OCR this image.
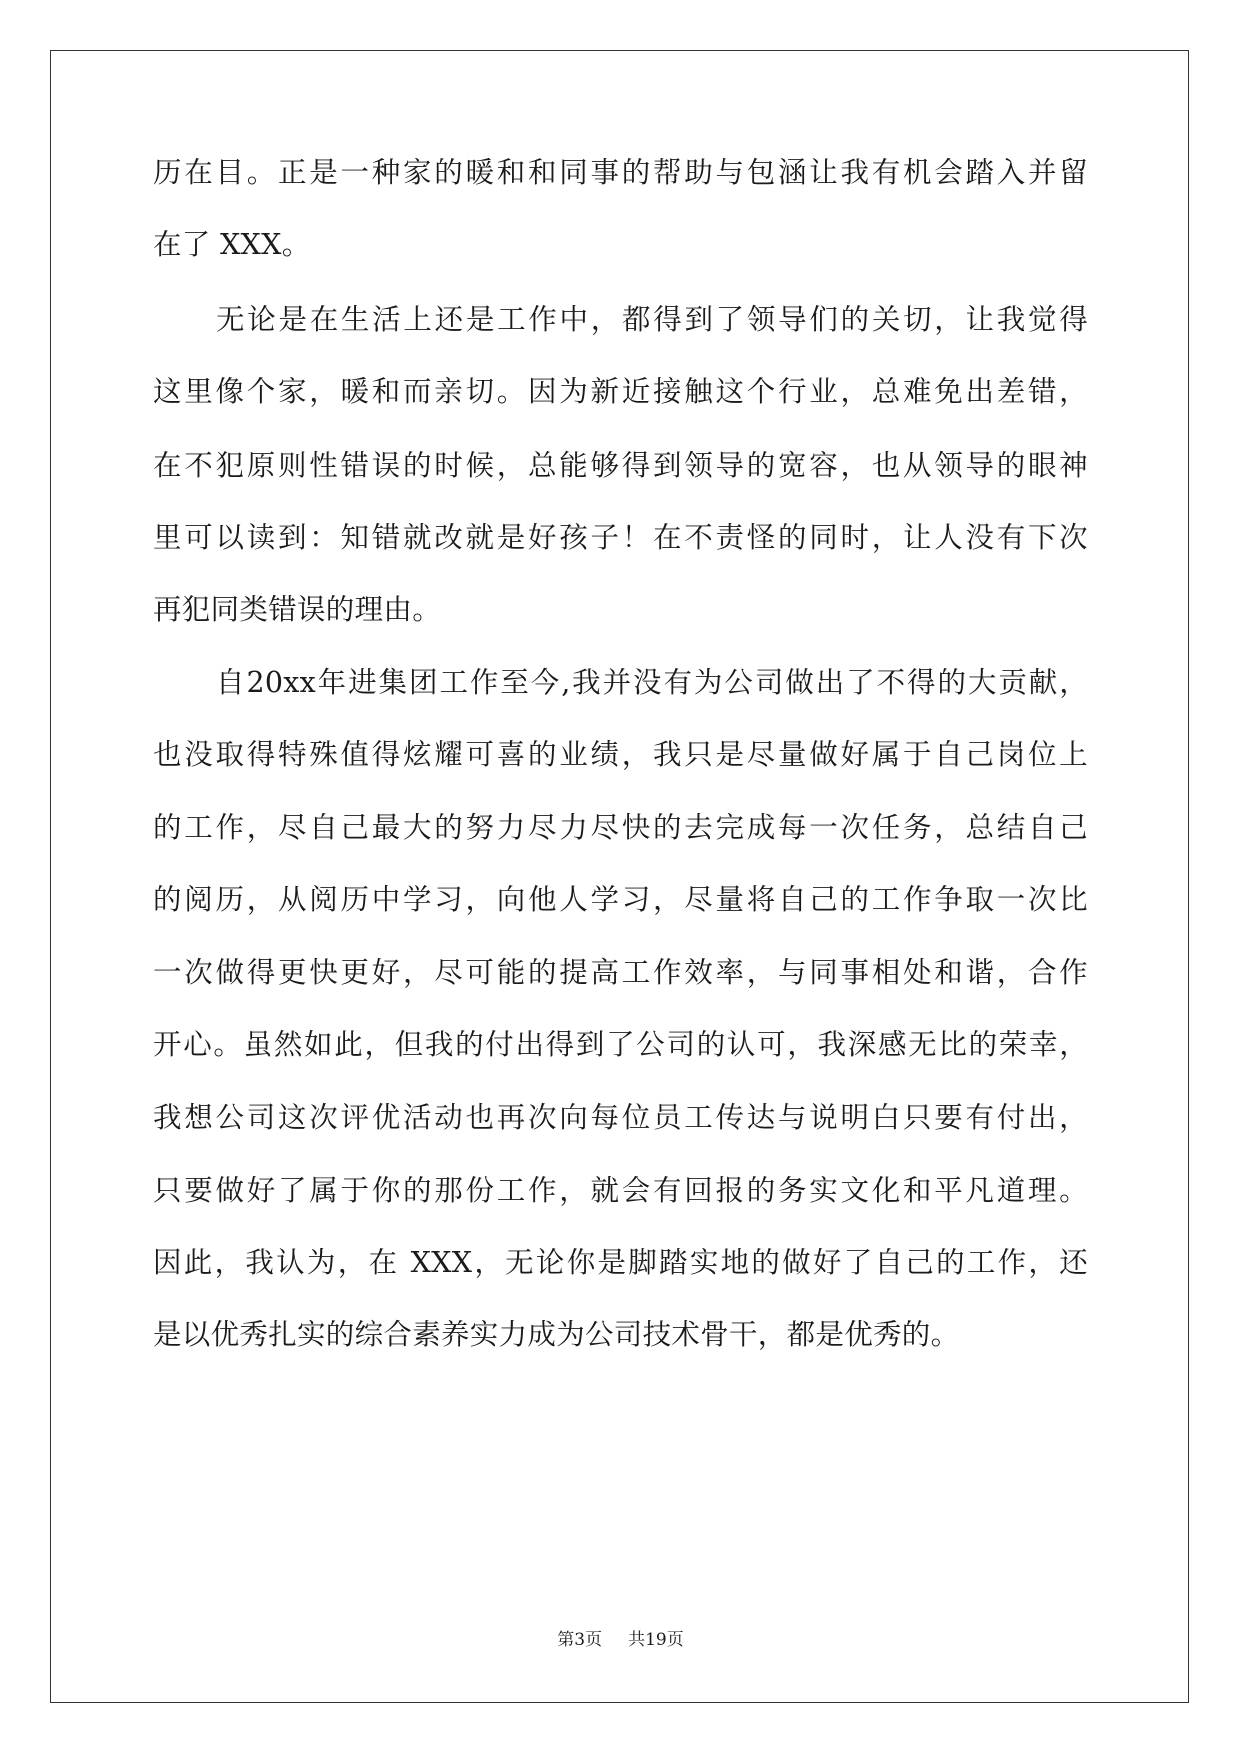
历在目。正是一种家的暖和和同事的帮助与包涵让我有机会踏入并留
在了 XXX。
无论是在生活上还是工作中，都得到了领导们的关切，让我觉得
这里像个家，暖和而亲切。因为新近接触这个行业，总难免出差错，
在不犯原则性错误的时候，总能够得到领导的宽容，也从领导的眼神
里可以读到：知错就改就是好孩子！在不责怪的同时，让人没有下次
再犯同类错误的理由。
自20xx年进集团工作至今,我并没有为公司做出了不得的大贡献，
也没取得特殊值得炫耀可喜的业绩，我只是尽量做好属于自己岗位上
的工作，尽自己最大的努力尽力尽快的去完成每一次任务，总结自己
的阅历，从阅历中学习，向他人学习，尽量将自己的工作争取一次比
一次做得更快更好，尽可能的提高工作效率，与同事相处和谐，合作
开心。虽然如此，但我的付出得到了公司的认可，我深感无比的荣幸，
我想公司这次评优活动也再次向每位员工传达与说明白只要有付出，
只要做好了属于你的那份工作，就会有回报的务实文化和平凡道理。
因此，我认为，在 XXX，无论你是脚踏实地的做好了自己的工作，还
是以优秀扎实的综合素养实力成为公司技术骨干，都是优秀的。
第3页 共19页
